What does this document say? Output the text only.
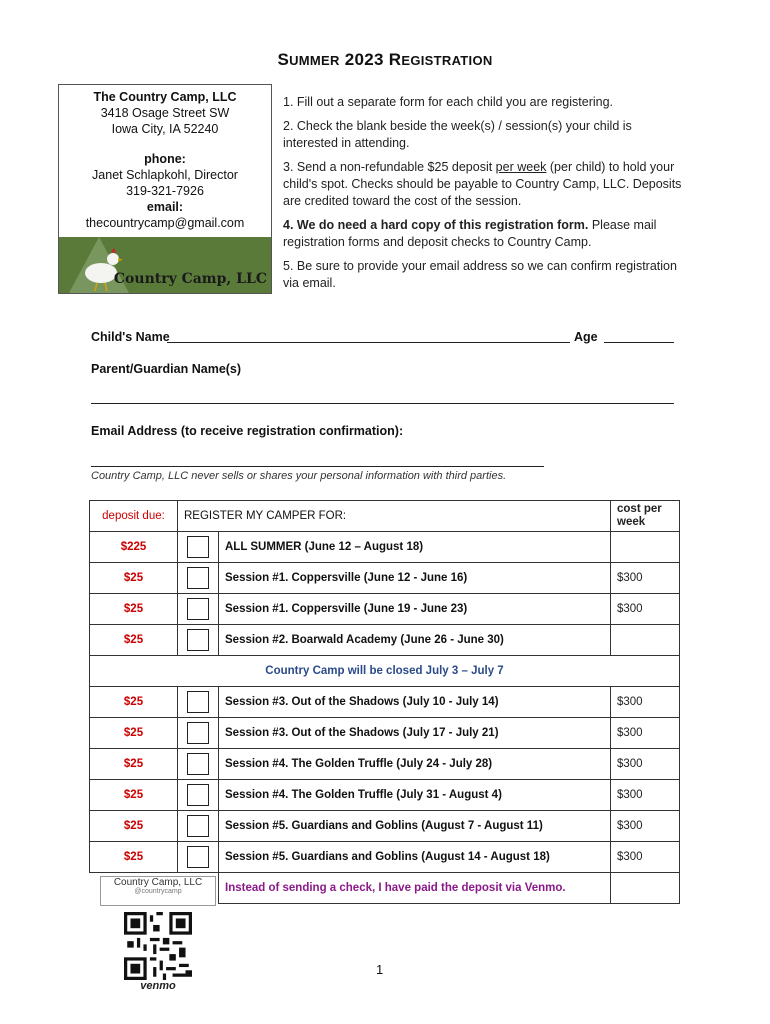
SUMMER 2023 REGISTRATION
The Country Camp, LLC
3418 Osage Street SW
Iowa City, IA 52240
phone:
Janet Schlapkohl, Director
319-321-7926
email:
thecountrycamp@gmail.com
Country Camp, LLC

1. Fill out a separate form for each child you are registering.

2. Check the blank beside the week(s) / session(s) your child is interested in attending.

3. Send a non-refundable $25 deposit per week (per child) to hold your child's spot. Checks should be payable to Country Camp, LLC. Deposits are credited toward the cost of the session.

4. We do need a hard copy of this registration form. Please mail registration forms and deposit checks to Country Camp.

5. Be sure to provide your email address so we can confirm registration via email.

Child's Name	Age
Parent/Guardian Name(s)
Email Address (to receive registration confirmation):
Country Camp, LLC never sells or shares your personal information with third parties.
deposit due:	REGISTER MY CAMPER FOR:		cost per week
$225		ALL SUMMER (June 12 – August 18)	
$25		Session #1. Coppersville (June 12 - June 16)	$300
$25		Session #1. Coppersville (June 19 - June 23)	$300
$25		Session #2. Boarwald Academy (June 26 - June 30)	
Country Camp will be closed July 3 – July 7			
$25		Session #3. Out of the Shadows (July 10 - July 14)	$300
$25		Session #3. Out of the Shadows (July 17 - July 21)	$300
$25		Session #4. The Golden Truffle (July 24 - July 28)	$300
$25		Session #4. The Golden Truffle (July 31 - August 4)	$300
$25		Session #5. Guardians and Goblins (August 7 - August 11)	$300
$25		Session #5. Guardians and Goblins (August 14 - August 18)	$300
		Instead of sending a check, I have paid the deposit via Venmo.	
Country Camp, LLC
@countrycamp
venmo
1
